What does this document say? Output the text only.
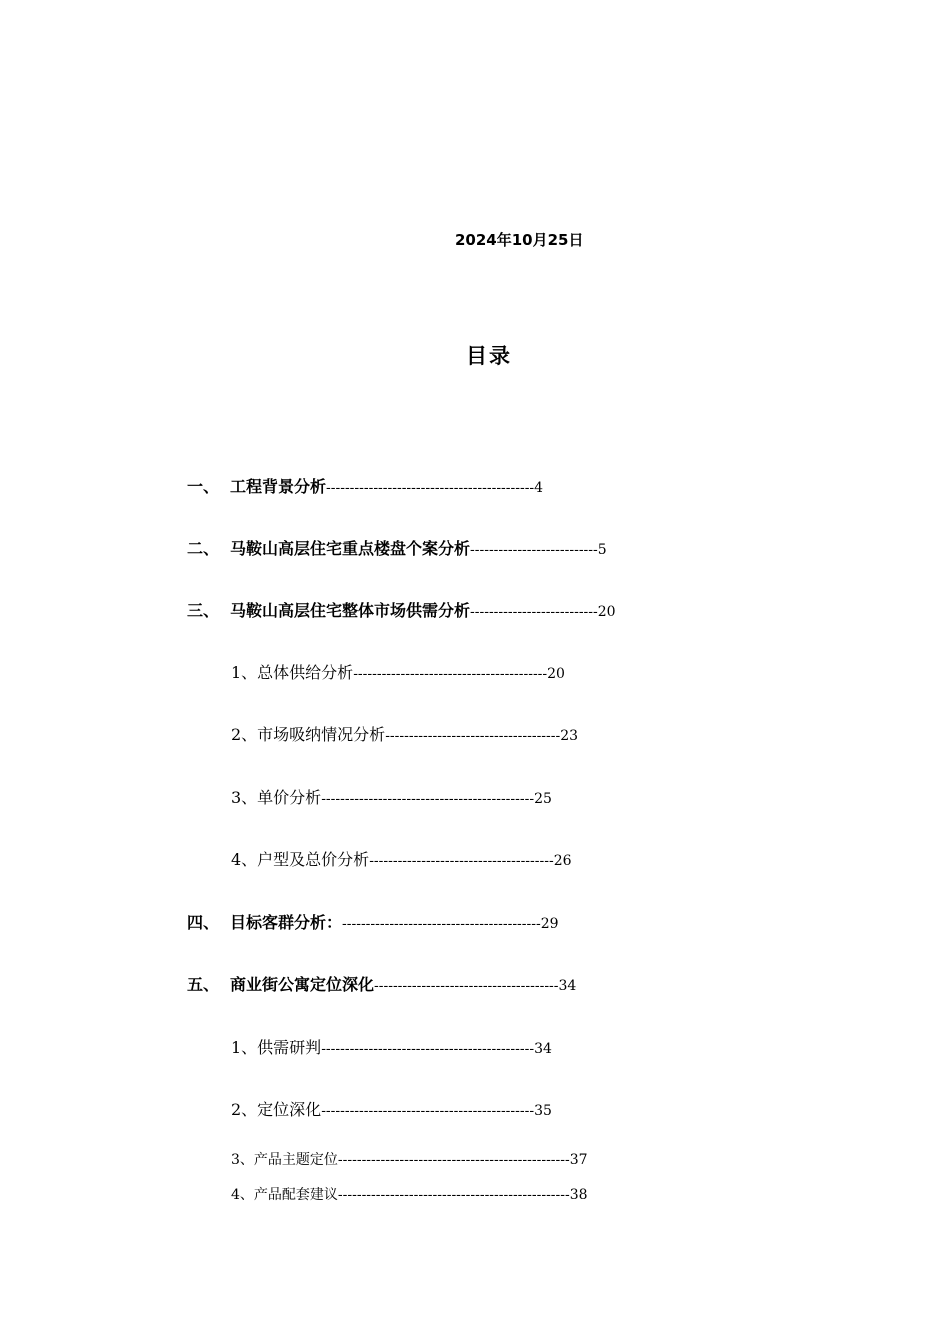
2024年10月25日
目录
一、 工程背景分析--------------------------------------------4
二、 马鞍山高层住宅重点楼盘个案分析---------------------------5
三、 马鞍山高层住宅整体市场供需分析---------------------------20
1、总体供给分析-----------------------------------------20
2、市场吸纳情况分析-------------------------------------23
3、单价分析---------------------------------------------25
4、户型及总价分析---------------------------------------26
四、 目标客群分析：------------------------------------------29
五、 商业街公寓定位深化---------------------------------------34
1、供需研判---------------------------------------------34
2、定位深化---------------------------------------------35
3、产品主题定位-------------------------------------------------37
4、产品配套建议-------------------------------------------------38
